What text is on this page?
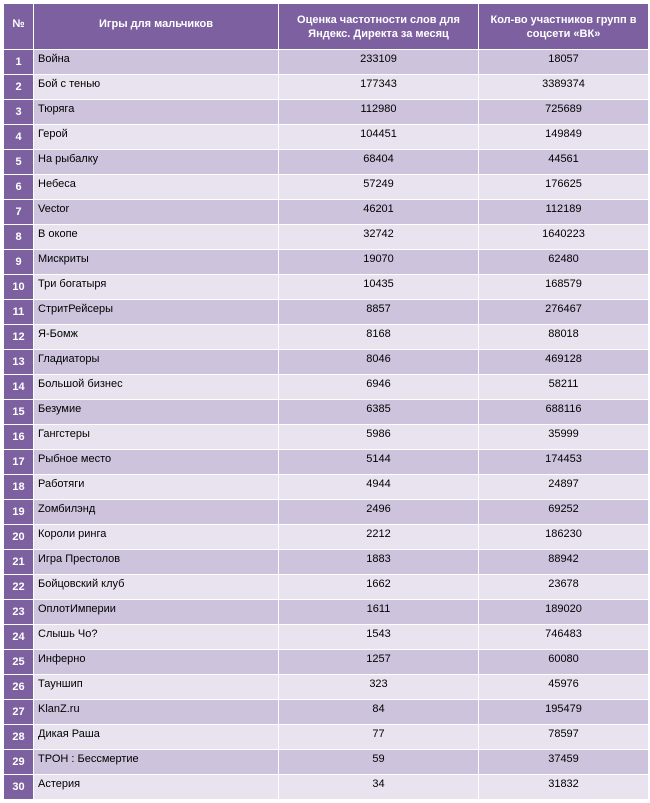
№	Игры для мальчиков	Оценка частотности слов для Яндекс. Директа за месяц	Кол-во участников групп в соцсети «ВК»
1	Война	233109	18057
2	Бой с тенью	177343	3389374
3	Тюряга	112980	725689
4	Герой	104451	149849
5	На рыбалку	68404	44561
6	Небеса	57249	176625
7	Vector	46201	112189
8	В окопе	32742	1640223
9	Мискриты	19070	62480
10	Три богатыря	10435	168579
11	СтритРейсеры	8857	276467
12	Я-Бомж	8168	88018
13	Гладиаторы	8046	469128
14	Большой бизнес	6946	58211
15	Безумие	6385	688116
16	Гангстеры	5986	35999
17	Рыбное место	5144	174453
18	Работяги	4944	24897
19	Zомбилэнд	2496	69252
20	Короли ринга	2212	186230
21	Игра Престолов	1883	88942
22	Бойцовский клуб	1662	23678
23	ОплотИмперии	1611	189020
24	Слышь Чо?	1543	746483
25	Инферно	1257	60080
26	Тауншип	323	45976
27	KlanZ.ru	84	195479
28	Дикая Раша	77	78597
29	ТРОН : Бессмертие	59	37459
30	Астерия	34	31832
